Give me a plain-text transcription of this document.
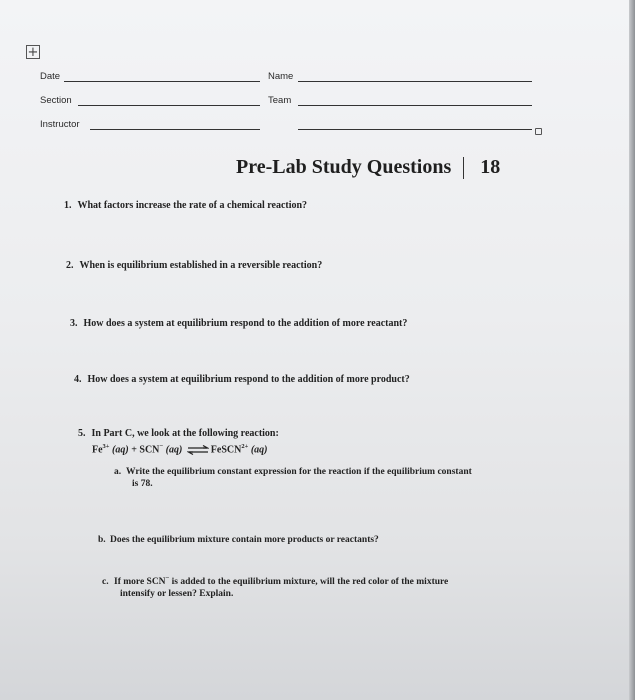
+
Date	Name
Section	Team
Instructor
Pre-Lab Study Questions 18
1. What factors increase the rate of a chemical reaction?
2. When is equilibrium established in a reversible reaction?
3. How does a system at equilibrium respond to the addition of more reactant?
4. How does a system at equilibrium respond to the addition of more product?
5. In Part C, we look at the following reaction:
$Fe^{3+}$ (aq) + SCN− (aq) ⇌ FeSCN$^{2+}$ (aq)
a. Write the equilibrium constant expression for the reaction if the equilibrium constant
is 78.
b. Does the equilibrium mixture contain more products or reactants?
c. If more SCN− is added to the equilibrium mixture, will the red color of the mixture
intensify or lessen? Explain.
